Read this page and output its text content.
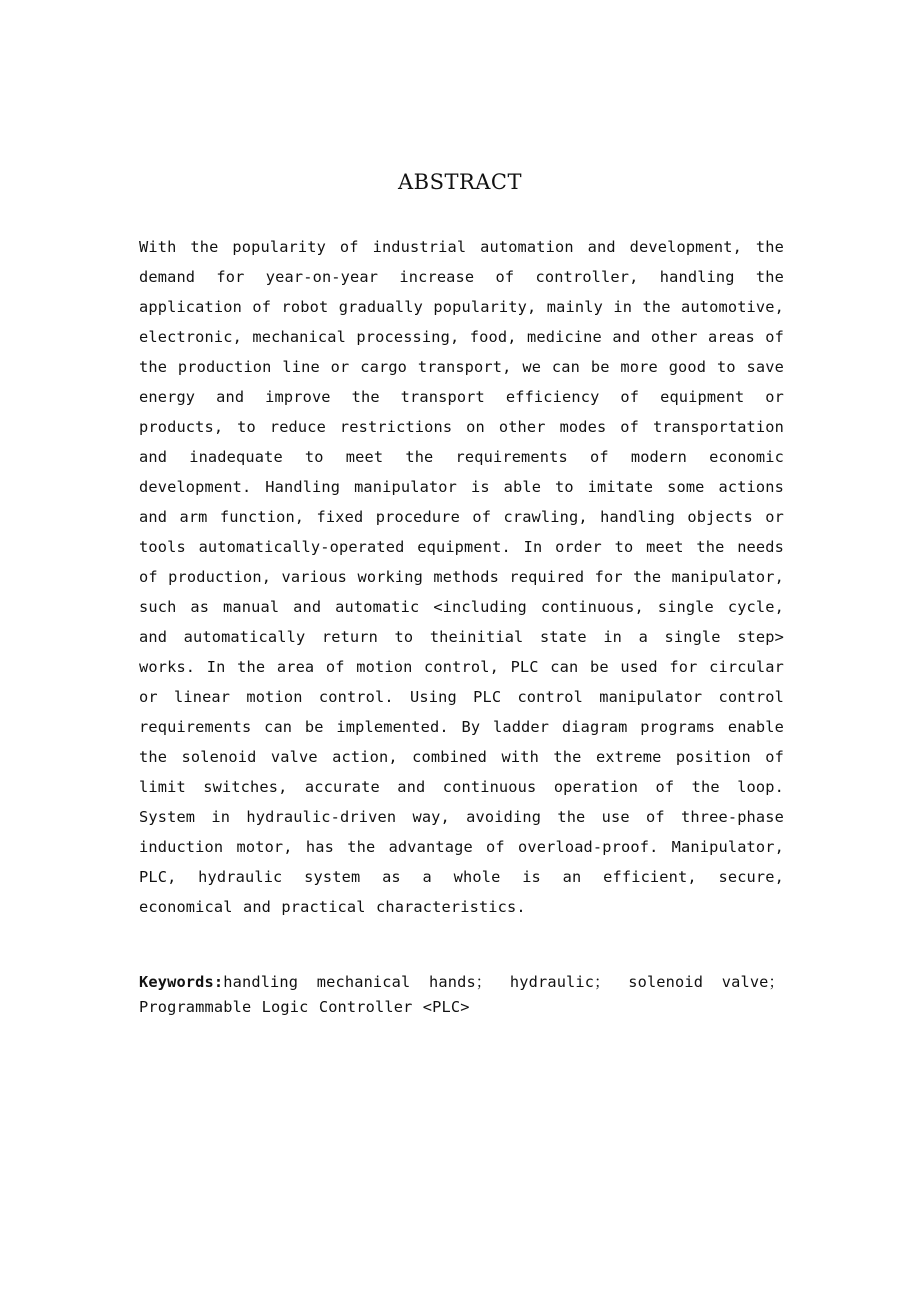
ABSTRACT

With the popularity of industrial automation and development, the demand for year-on-year increase of controller, handling the application of robot gradually popularity, mainly in the automotive, electronic, mechanical processing, food, medicine and other areas of the production line or cargo transport, we can be more good to save energy and improve the transport efficiency of equipment or products, to reduce restrictions on other modes of transportation and inadequate to meet the requirements of modern economic development. Handling manipulator is able to imitate some actions and arm function, fixed procedure of crawling, handling objects or tools automatically-operated equipment. In order to meet the needs of production, various working methods required for the manipulator, such as manual and automatic <including continuous, single cycle, and automatically return to theinitial state in a single step> works. In the area of motion control, PLC can be used for circular or linear motion control. Using PLC control manipulator control requirements can be implemented. By ladder diagram programs enable the solenoid valve action, combined with the extreme position of limit switches, accurate and continuous operation of the loop. System in hydraulic-driven way, avoiding the use of three-phase induction motor, has the advantage of overload-proof. Manipulator, PLC, hydraulic system as a whole is an efficient, secure, economical and practical characteristics.

Keywords:handling mechanical hands； hydraulic； solenoid valve； Programmable Logic Controller <PLC>
